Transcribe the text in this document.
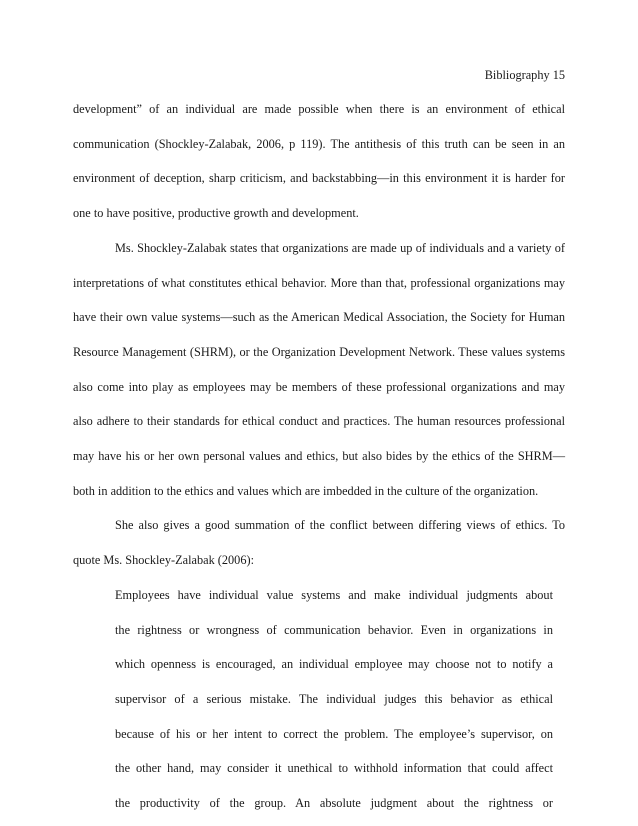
Bibliography 15

development” of an individual are made possible when there is an environment of ethical communication (Shockley-Zalabak, 2006, p 119). The antithesis of this truth can be seen in an environment of deception, sharp criticism, and backstabbing—in this environment it is harder for one to have positive, productive growth and development.

Ms. Shockley-Zalabak states that organizations are made up of individuals and a variety of interpretations of what constitutes ethical behavior. More than that, professional organizations may have their own value systems—such as the American Medical Association, the Society for Human Resource Management (SHRM), or the Organization Development Network. These values systems also come into play as employees may be members of these professional organizations and may also adhere to their standards for ethical conduct and practices. The human resources professional may have his or her own personal values and ethics, but also bides by the ethics of the SHRM—both in addition to the ethics and values which are imbedded in the culture of the organization.

She also gives a good summation of the conflict between differing views of ethics. To quote Ms. Shockley-Zalabak (2006):

Employees have individual value systems and make individual judgments about
the rightness or wrongness of communication behavior. Even in organizations in
which openness is encouraged, an individual employee may choose not to notify a
supervisor of a serious mistake. The individual judges this behavior as ethical
because of his or her intent to correct the problem. The employee’s supervisor, on
the other hand, may consider it unethical to withhold information that could affect
the productivity of the group. An absolute judgment about the rightness or
